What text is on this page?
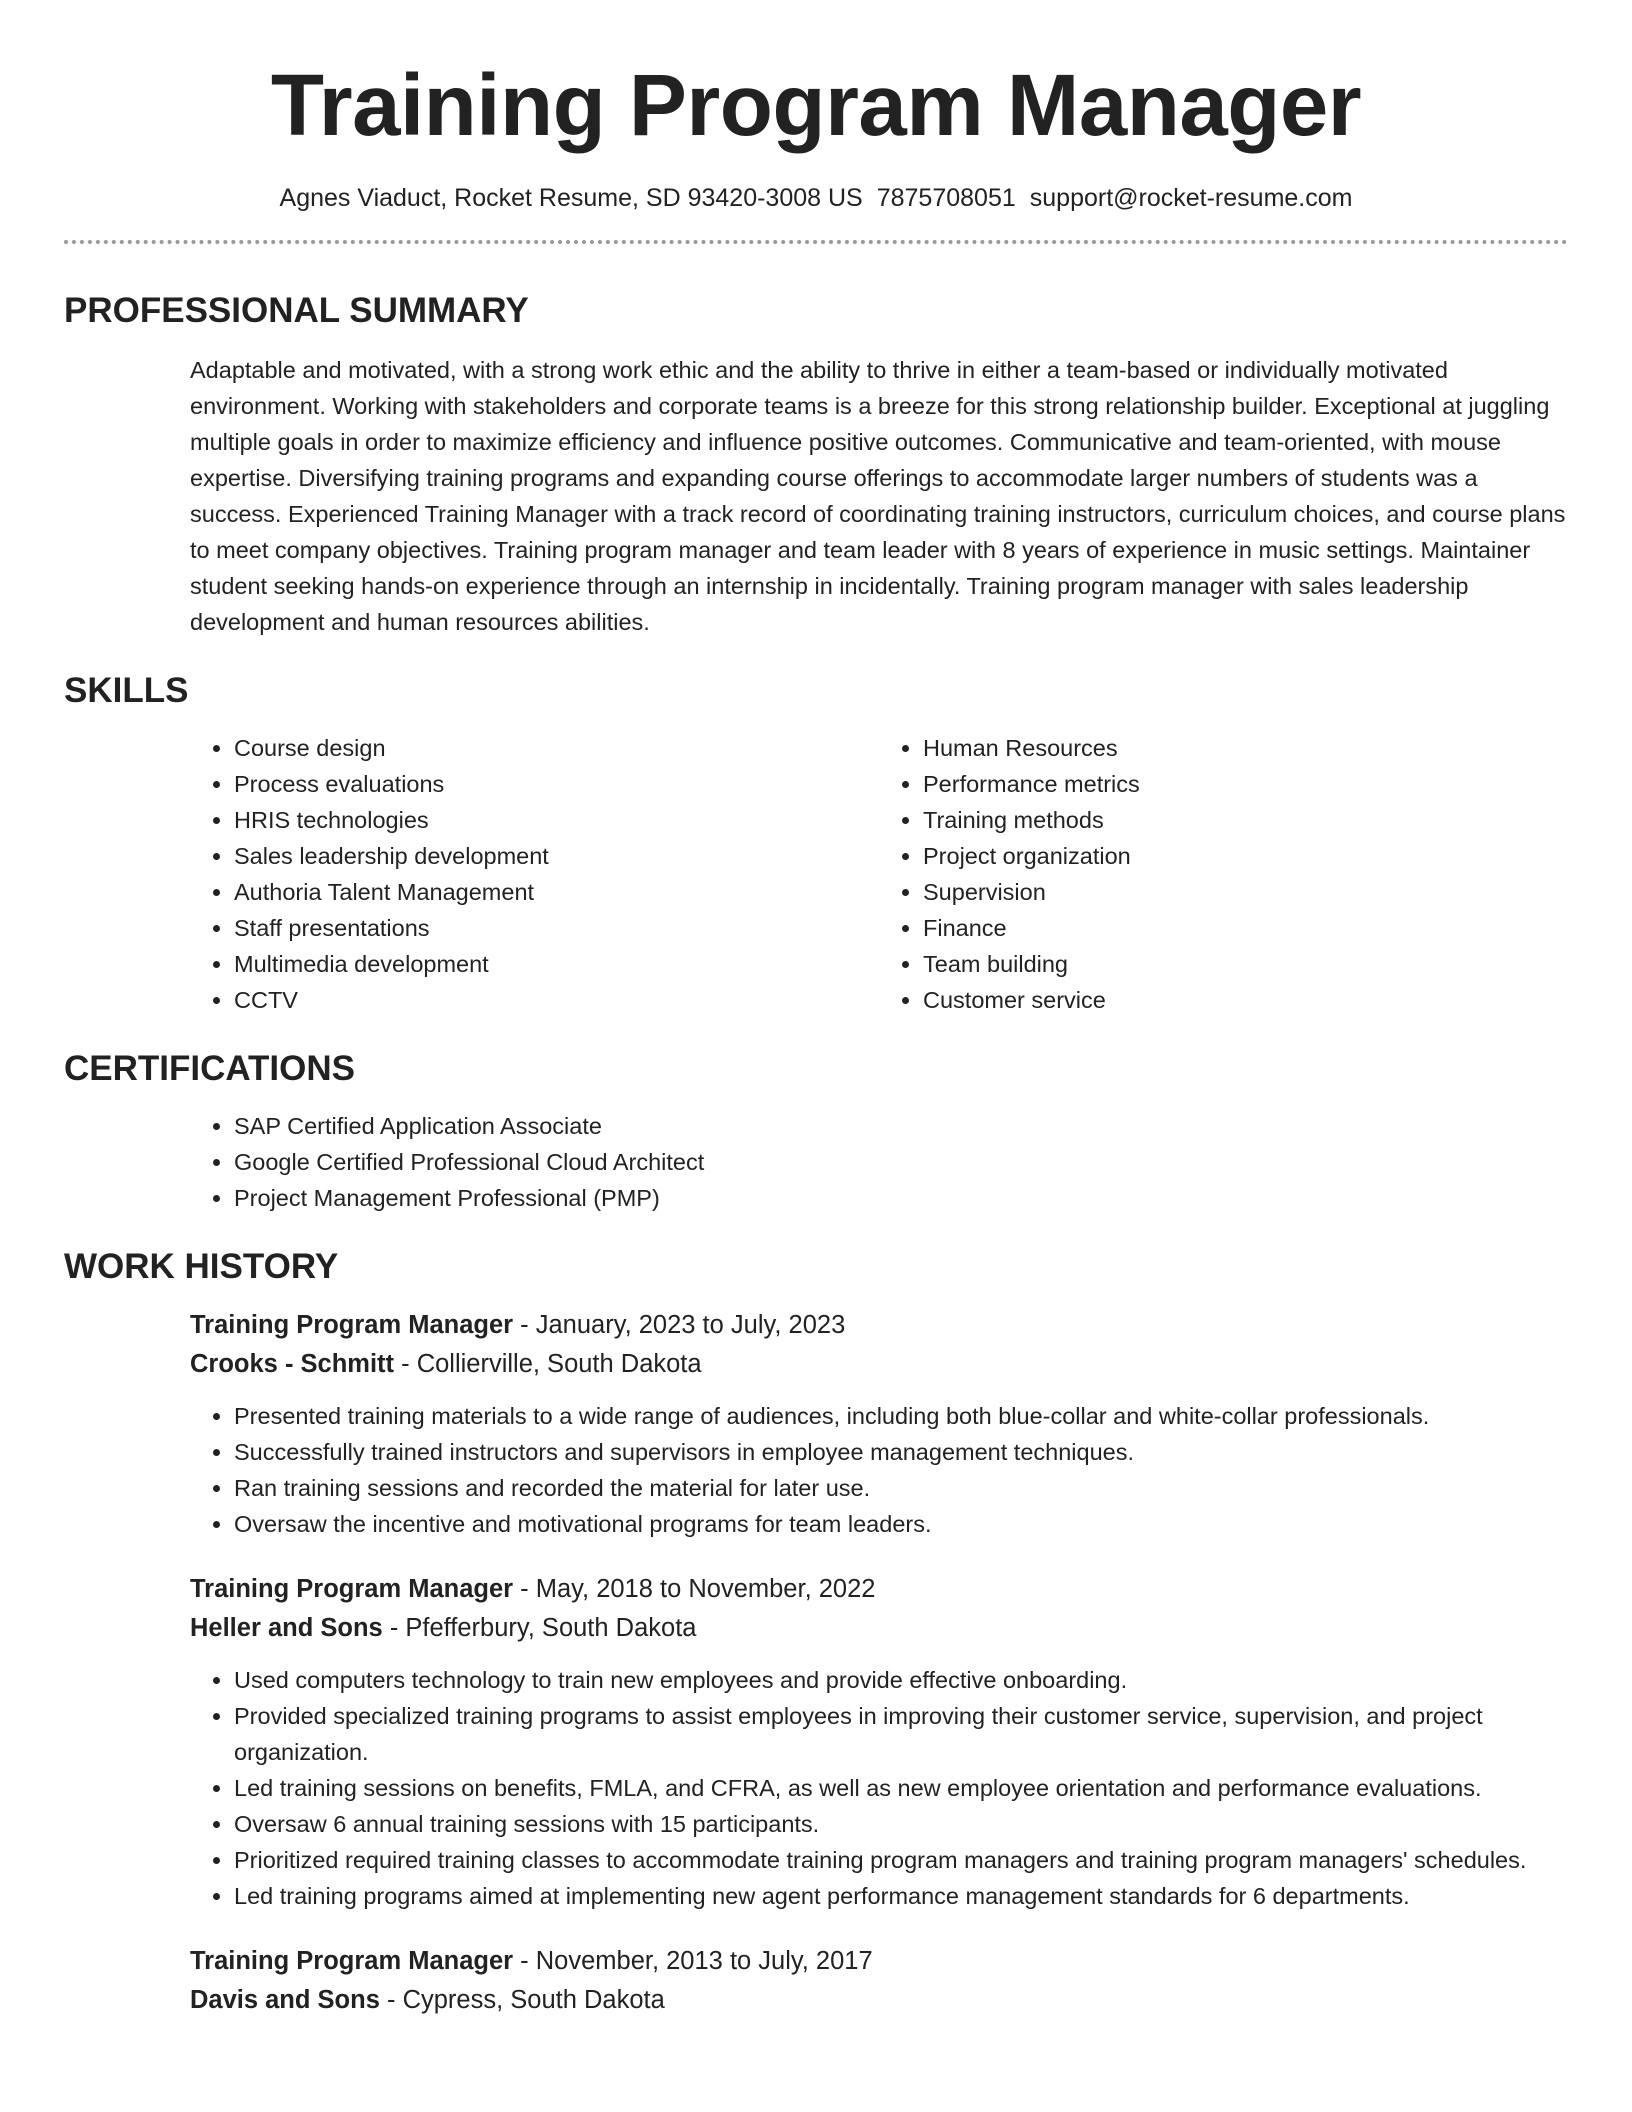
Training Program Manager
Agnes Viaduct, Rocket Resume, SD 93420-3008 US 7875708051 support@rocket-resume.com
PROFESSIONAL SUMMARY

Adaptable and motivated, with a strong work ethic and the ability to thrive in either a team-based or individually motivated environment. Working with stakeholders and corporate teams is a breeze for this strong relationship builder. Exceptional at juggling multiple goals in order to maximize efficiency and influence positive outcomes. Communicative and team-oriented, with mouse expertise. Diversifying training programs and expanding course offerings to accommodate larger numbers of students was a success. Experienced Training Manager with a track record of coordinating training instructors, curriculum choices, and course plans to meet company objectives. Training program manager and team leader with 8 years of experience in music settings. Maintainer student seeking hands-on experience through an internship in incidentally. Training program manager with sales leadership development and human resources abilities.

SKILLS
• Course design
• Process evaluations
• HRIS technologies
• Sales leadership development
• Authoria Talent Management
• Staff presentations
• Multimedia development
• CCTV
• Human Resources
• Performance metrics
• Training methods
• Project organization
• Supervision
• Finance
• Team building
• Customer service
CERTIFICATIONS
• SAP Certified Application Associate
• Google Certified Professional Cloud Architect
• Project Management Professional (PMP)
WORK HISTORY
Training Program Manager - January, 2023 to July, 2023
Crooks - Schmitt - Collierville, South Dakota
• Presented training materials to a wide range of audiences, including both blue-collar and white-collar professionals.
• Successfully trained instructors and supervisors in employee management techniques.
• Ran training sessions and recorded the material for later use.
• Oversaw the incentive and motivational programs for team leaders.
Training Program Manager - May, 2018 to November, 2022
Heller and Sons - Pfefferbury, South Dakota
• Used computers technology to train new employees and provide effective onboarding.
• Provided specialized training programs to assist employees in improving their customer service, supervision, and project organization.
• Led training sessions on benefits, FMLA, and CFRA, as well as new employee orientation and performance evaluations.
• Oversaw 6 annual training sessions with 15 participants.
• Prioritized required training classes to accommodate training program managers and training program managers' schedules.
• Led training programs aimed at implementing new agent performance management standards for 6 departments.
Training Program Manager - November, 2013 to July, 2017
Davis and Sons - Cypress, South Dakota
